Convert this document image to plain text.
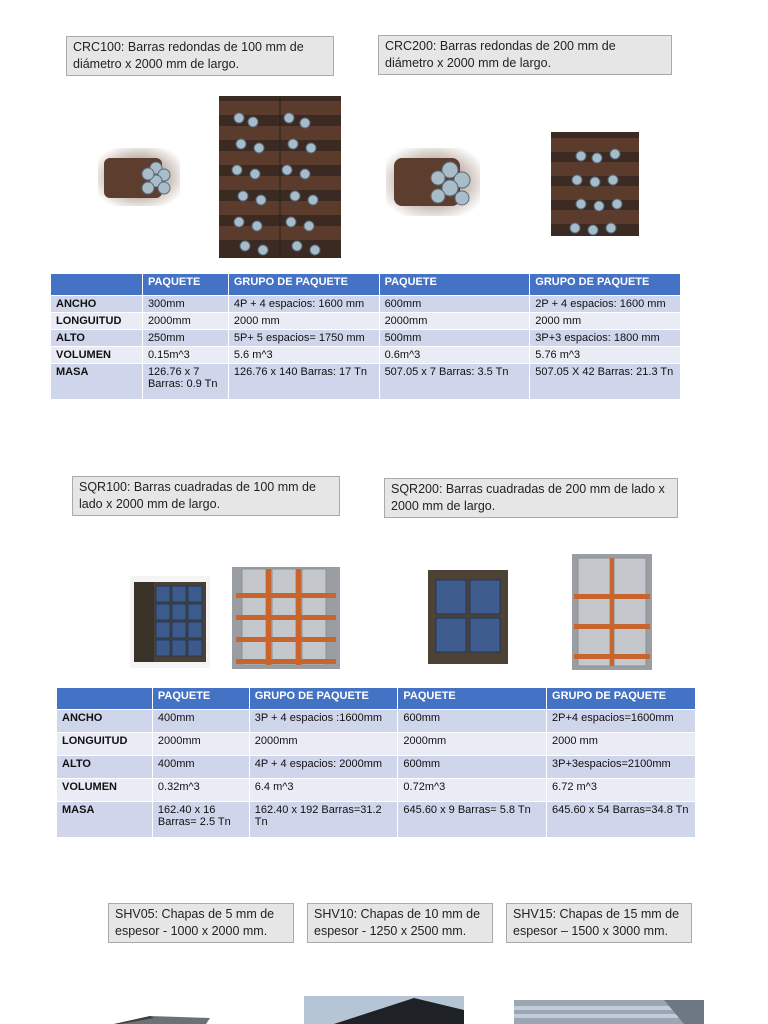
CRC100: Barras redondas de 100 mm de diámetro x 2000 mm de largo.
CRC200: Barras redondas de 200 mm de diámetro x 2000 mm de largo.
	PAQUETE	GRUPO DE PAQUETE	PAQUETE	GRUPO DE PAQUETE
ANCHO	300mm	4P + 4 espacios: 1600 mm	600mm	2P + 4 espacios: 1600 mm
LONGUITUD	2000mm	2000 mm	2000mm	2000 mm
ALTO	250mm	5P+ 5 espacios= 1750 mm	500mm	3P+3 espacios: 1800 mm
VOLUMEN	0.15m^3	5.6 m^3	0.6m^3	5.76 m^3
MASA	126.76 x 7 Barras: 0.9 Tn	126.76 x 140 Barras: 17 Tn	507.05 x 7 Barras: 3.5 Tn	507.05 X 42 Barras: 21.3 Tn
SQR100: Barras cuadradas de 100 mm de lado x 2000 mm de largo.
SQR200: Barras cuadradas de 200 mm de lado x 2000 mm de largo.
	PAQUETE	GRUPO DE PAQUETE	PAQUETE	GRUPO DE PAQUETE
ANCHO	400mm	3P + 4 espacios :1600mm	600mm	2P+4 espacios=1600mm
LONGUITUD	2000mm	2000mm	2000mm	2000 mm
ALTO	400mm	4P + 4 espacios: 2000mm	600mm	3P+3espacios=2100mm
VOLUMEN	0.32m^3	6.4 m^3	0.72m^3	6.72 m^3
MASA	162.40 x 16 Barras= 2.5 Tn	162.40 x 192 Barras=31.2 Tn	645.60 x 9 Barras= 5.8 Tn	645.60 x 54 Barras=34.8 Tn
SHV05: Chapas de 5 mm de espesor - 1000 x 2000 mm.
SHV10: Chapas de 10 mm de espesor - 1250 x 2500 mm.
SHV15: Chapas de 15 mm de espesor – 1500 x 3000 mm.
